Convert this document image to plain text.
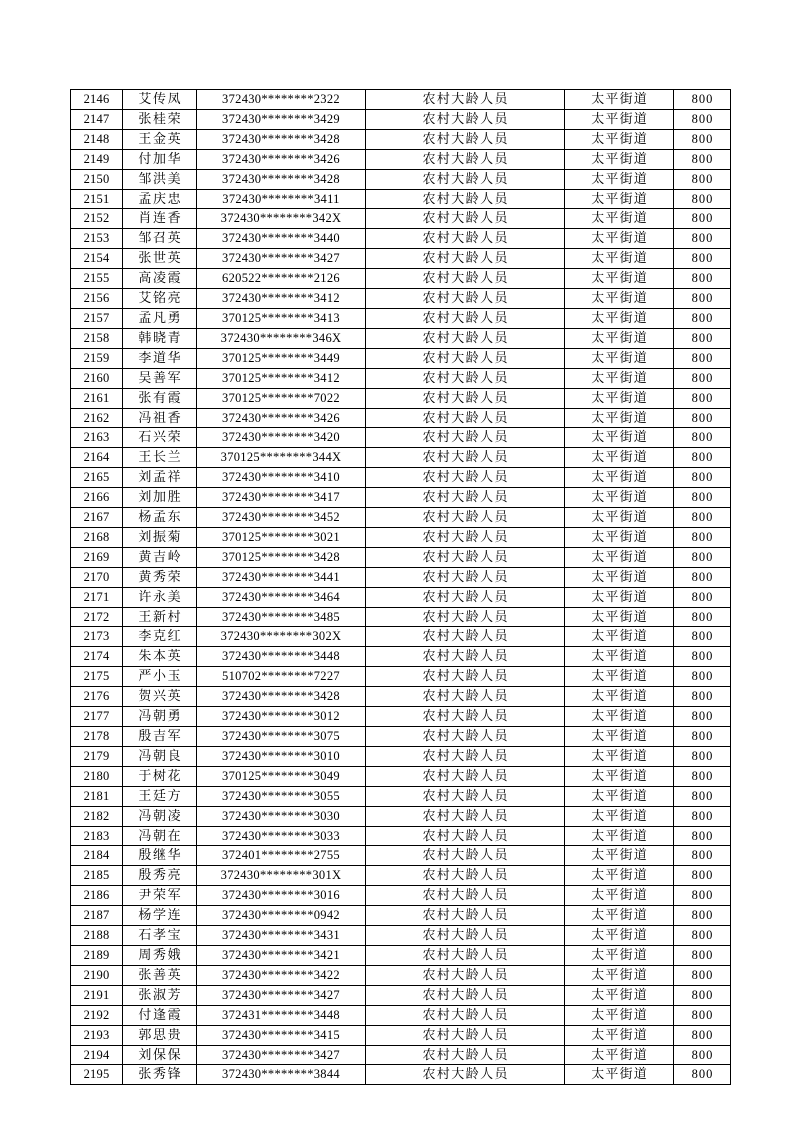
2146	艾传凤	372430********2322	农村大龄人员	太平街道	800
2147	张桂荣	372430********3429	农村大龄人员	太平街道	800
2148	王金英	372430********3428	农村大龄人员	太平街道	800
2149	付加华	372430********3426	农村大龄人员	太平街道	800
2150	邹洪美	372430********3428	农村大龄人员	太平街道	800
2151	孟庆忠	372430********3411	农村大龄人员	太平街道	800
2152	肖连香	372430********342X	农村大龄人员	太平街道	800
2153	邹召英	372430********3440	农村大龄人员	太平街道	800
2154	张世英	372430********3427	农村大龄人员	太平街道	800
2155	高凌霞	620522********2126	农村大龄人员	太平街道	800
2156	艾铭亮	372430********3412	农村大龄人员	太平街道	800
2157	孟凡勇	370125********3413	农村大龄人员	太平街道	800
2158	韩晓青	372430********346X	农村大龄人员	太平街道	800
2159	李道华	370125********3449	农村大龄人员	太平街道	800
2160	吴善军	370125********3412	农村大龄人员	太平街道	800
2161	张有霞	370125********7022	农村大龄人员	太平街道	800
2162	冯祖香	372430********3426	农村大龄人员	太平街道	800
2163	石兴荣	372430********3420	农村大龄人员	太平街道	800
2164	王长兰	370125********344X	农村大龄人员	太平街道	800
2165	刘孟祥	372430********3410	农村大龄人员	太平街道	800
2166	刘加胜	372430********3417	农村大龄人员	太平街道	800
2167	杨孟东	372430********3452	农村大龄人员	太平街道	800
2168	刘振菊	370125********3021	农村大龄人员	太平街道	800
2169	黄吉岭	370125********3428	农村大龄人员	太平街道	800
2170	黄秀荣	372430********3441	农村大龄人员	太平街道	800
2171	许永美	372430********3464	农村大龄人员	太平街道	800
2172	王新村	372430********3485	农村大龄人员	太平街道	800
2173	李克红	372430********302X	农村大龄人员	太平街道	800
2174	朱本英	372430********3448	农村大龄人员	太平街道	800
2175	严小玉	510702********7227	农村大龄人员	太平街道	800
2176	贺兴英	372430********3428	农村大龄人员	太平街道	800
2177	冯朝勇	372430********3012	农村大龄人员	太平街道	800
2178	殷吉军	372430********3075	农村大龄人员	太平街道	800
2179	冯朝良	372430********3010	农村大龄人员	太平街道	800
2180	于树花	370125********3049	农村大龄人员	太平街道	800
2181	王廷方	372430********3055	农村大龄人员	太平街道	800
2182	冯朝凌	372430********3030	农村大龄人员	太平街道	800
2183	冯朝在	372430********3033	农村大龄人员	太平街道	800
2184	殷继华	372401********2755	农村大龄人员	太平街道	800
2185	殷秀亮	372430********301X	农村大龄人员	太平街道	800
2186	尹荣军	372430********3016	农村大龄人员	太平街道	800
2187	杨学连	372430********0942	农村大龄人员	太平街道	800
2188	石孝宝	372430********3431	农村大龄人员	太平街道	800
2189	周秀娥	372430********3421	农村大龄人员	太平街道	800
2190	张善英	372430********3422	农村大龄人员	太平街道	800
2191	张淑芳	372430********3427	农村大龄人员	太平街道	800
2192	付逢霞	372431********3448	农村大龄人员	太平街道	800
2193	郭思贵	372430********3415	农村大龄人员	太平街道	800
2194	刘保保	372430********3427	农村大龄人员	太平街道	800
2195	张秀锋	372430********3844	农村大龄人员	太平街道	800
